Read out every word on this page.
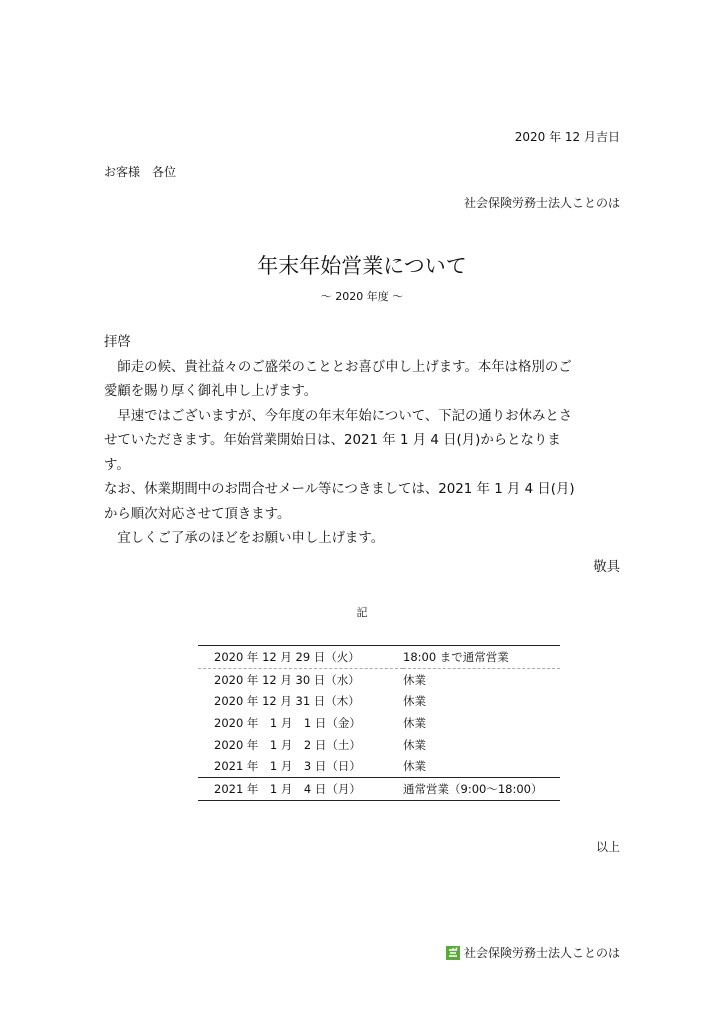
2020 年 12 月吉日
お客様　各位
社会保険労務士法人ことのは
年末年始営業について
～ 2020 年度 ～

拝啓

　師走の候、貴社益々のご盛栄のこととお喜び申し上げます。本年は格別のご

愛顧を賜り厚く御礼申し上げます。

　早速ではございますが、今年度の年末年始について、下記の通りお休みとさ

せていただきます。年始営業開始日は、2021 年 1 月 4 日(月)からとなりま

す。

なお、休業期間中のお問合せメール等につきましては、2021 年 1 月 4 日(月)

から順次対応させて頂きます。

　宜しくご了承のほどをお願い申し上げます。

敬具
記
2020 年 12 月 29 日（火）	18:00 まで通常営業
2020 年 12 月 30 日（水）	休業
2020 年 12 月 31 日（木）	休業
2020 年　1 月　1 日（金）	休業
2020 年　1 月　2 日（土）	休業
2021 年　1 月　3 日（日）	休業
2021 年　1 月　4 日（月）	通常営業（9:00～18:00）
以上
社会保険労務士法人ことのは
